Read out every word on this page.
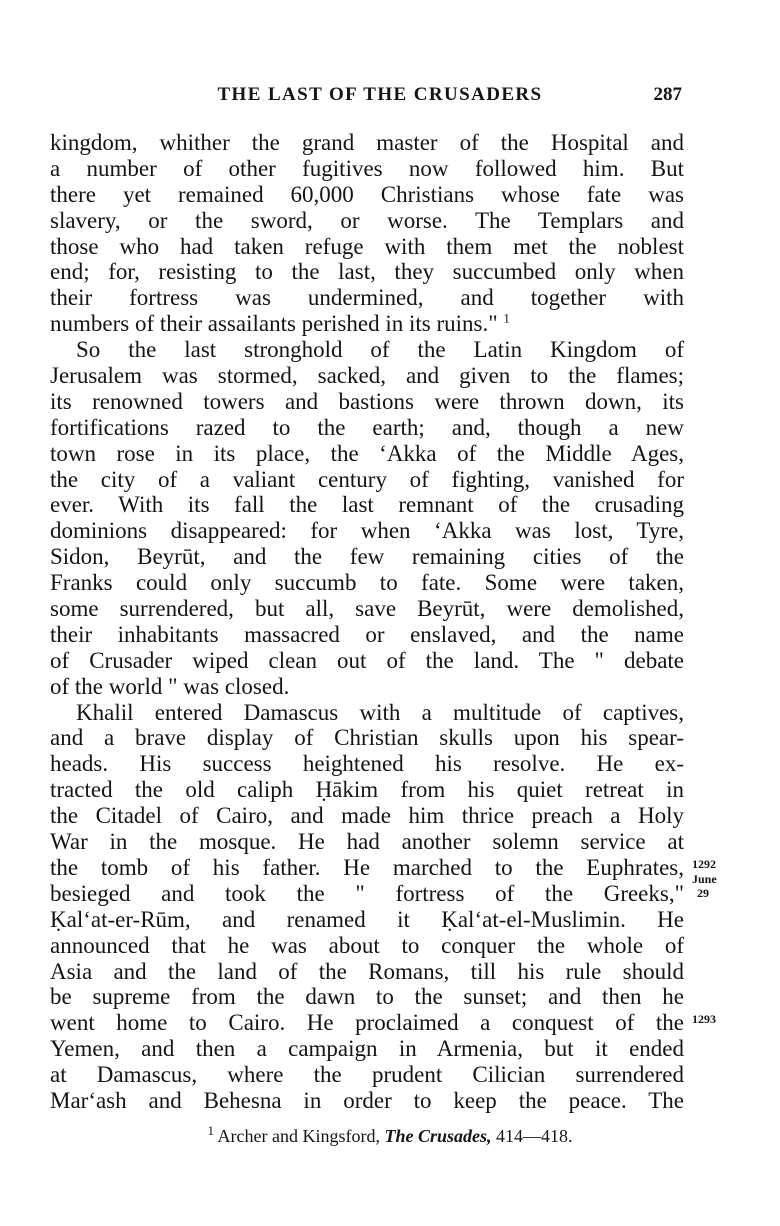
THE LAST OF THE CRUSADERS	287
kingdom, whither the grand master of the Hospital and
a number of other fugitives now followed him. But
there yet remained 60,000 Christians whose fate was
slavery, or the sword, or worse. The Templars and
those who had taken refuge with them met the noblest
end; for, resisting to the last, they succumbed only when
their fortress was undermined, and together with
numbers of their assailants perished in its ruins." $^1$
So the last stronghold of the Latin Kingdom of
Jerusalem was stormed, sacked, and given to the flames;
its renowned towers and bastions were thrown down, its
fortifications razed to the earth; and, though a new
town rose in its place, the ‘Akka of the Middle Ages,
the city of a valiant century of fighting, vanished for
ever. With its fall the last remnant of the crusading
dominions disappeared: for when ‘Akka was lost, Tyre,
Sidon, Beyrūt, and the few remaining cities of the
Franks could only succumb to fate. Some were taken,
some surrendered, but all, save Beyrūt, were demolished,
their inhabitants massacred or enslaved, and the name
of Crusader wiped clean out of the land. The " debate
of the world " was closed.
Khalil entered Damascus with a multitude of captives,
and a brave display of Christian skulls upon his spear-
heads. His success heightened his resolve. He ex-
tracted the old caliph Ḥākim from his quiet retreat in
the Citadel of Cairo, and made him thrice preach a Holy
War in the mosque. He had another solemn service at
the tomb of his father. He marched to the Euphrates,
besieged and took the " fortress of the Greeks,"
Ḳal‘at-er-Rūm, and renamed it Ḳal‘at-el-Muslimin. He
announced that he was about to conquer the whole of
Asia and the land of the Romans, till his rule should
be supreme from the dawn to the sunset; and then he
went home to Cairo. He proclaimed a conquest of the
Yemen, and then a campaign in Armenia, but it ended
at Damascus, where the prudent Cilician surrendered
Mar‘ash and Behesna in order to keep the peace. The
1292
June
29
1293
$^1$ Archer and Kingsford, The Crusades, 414—418.
